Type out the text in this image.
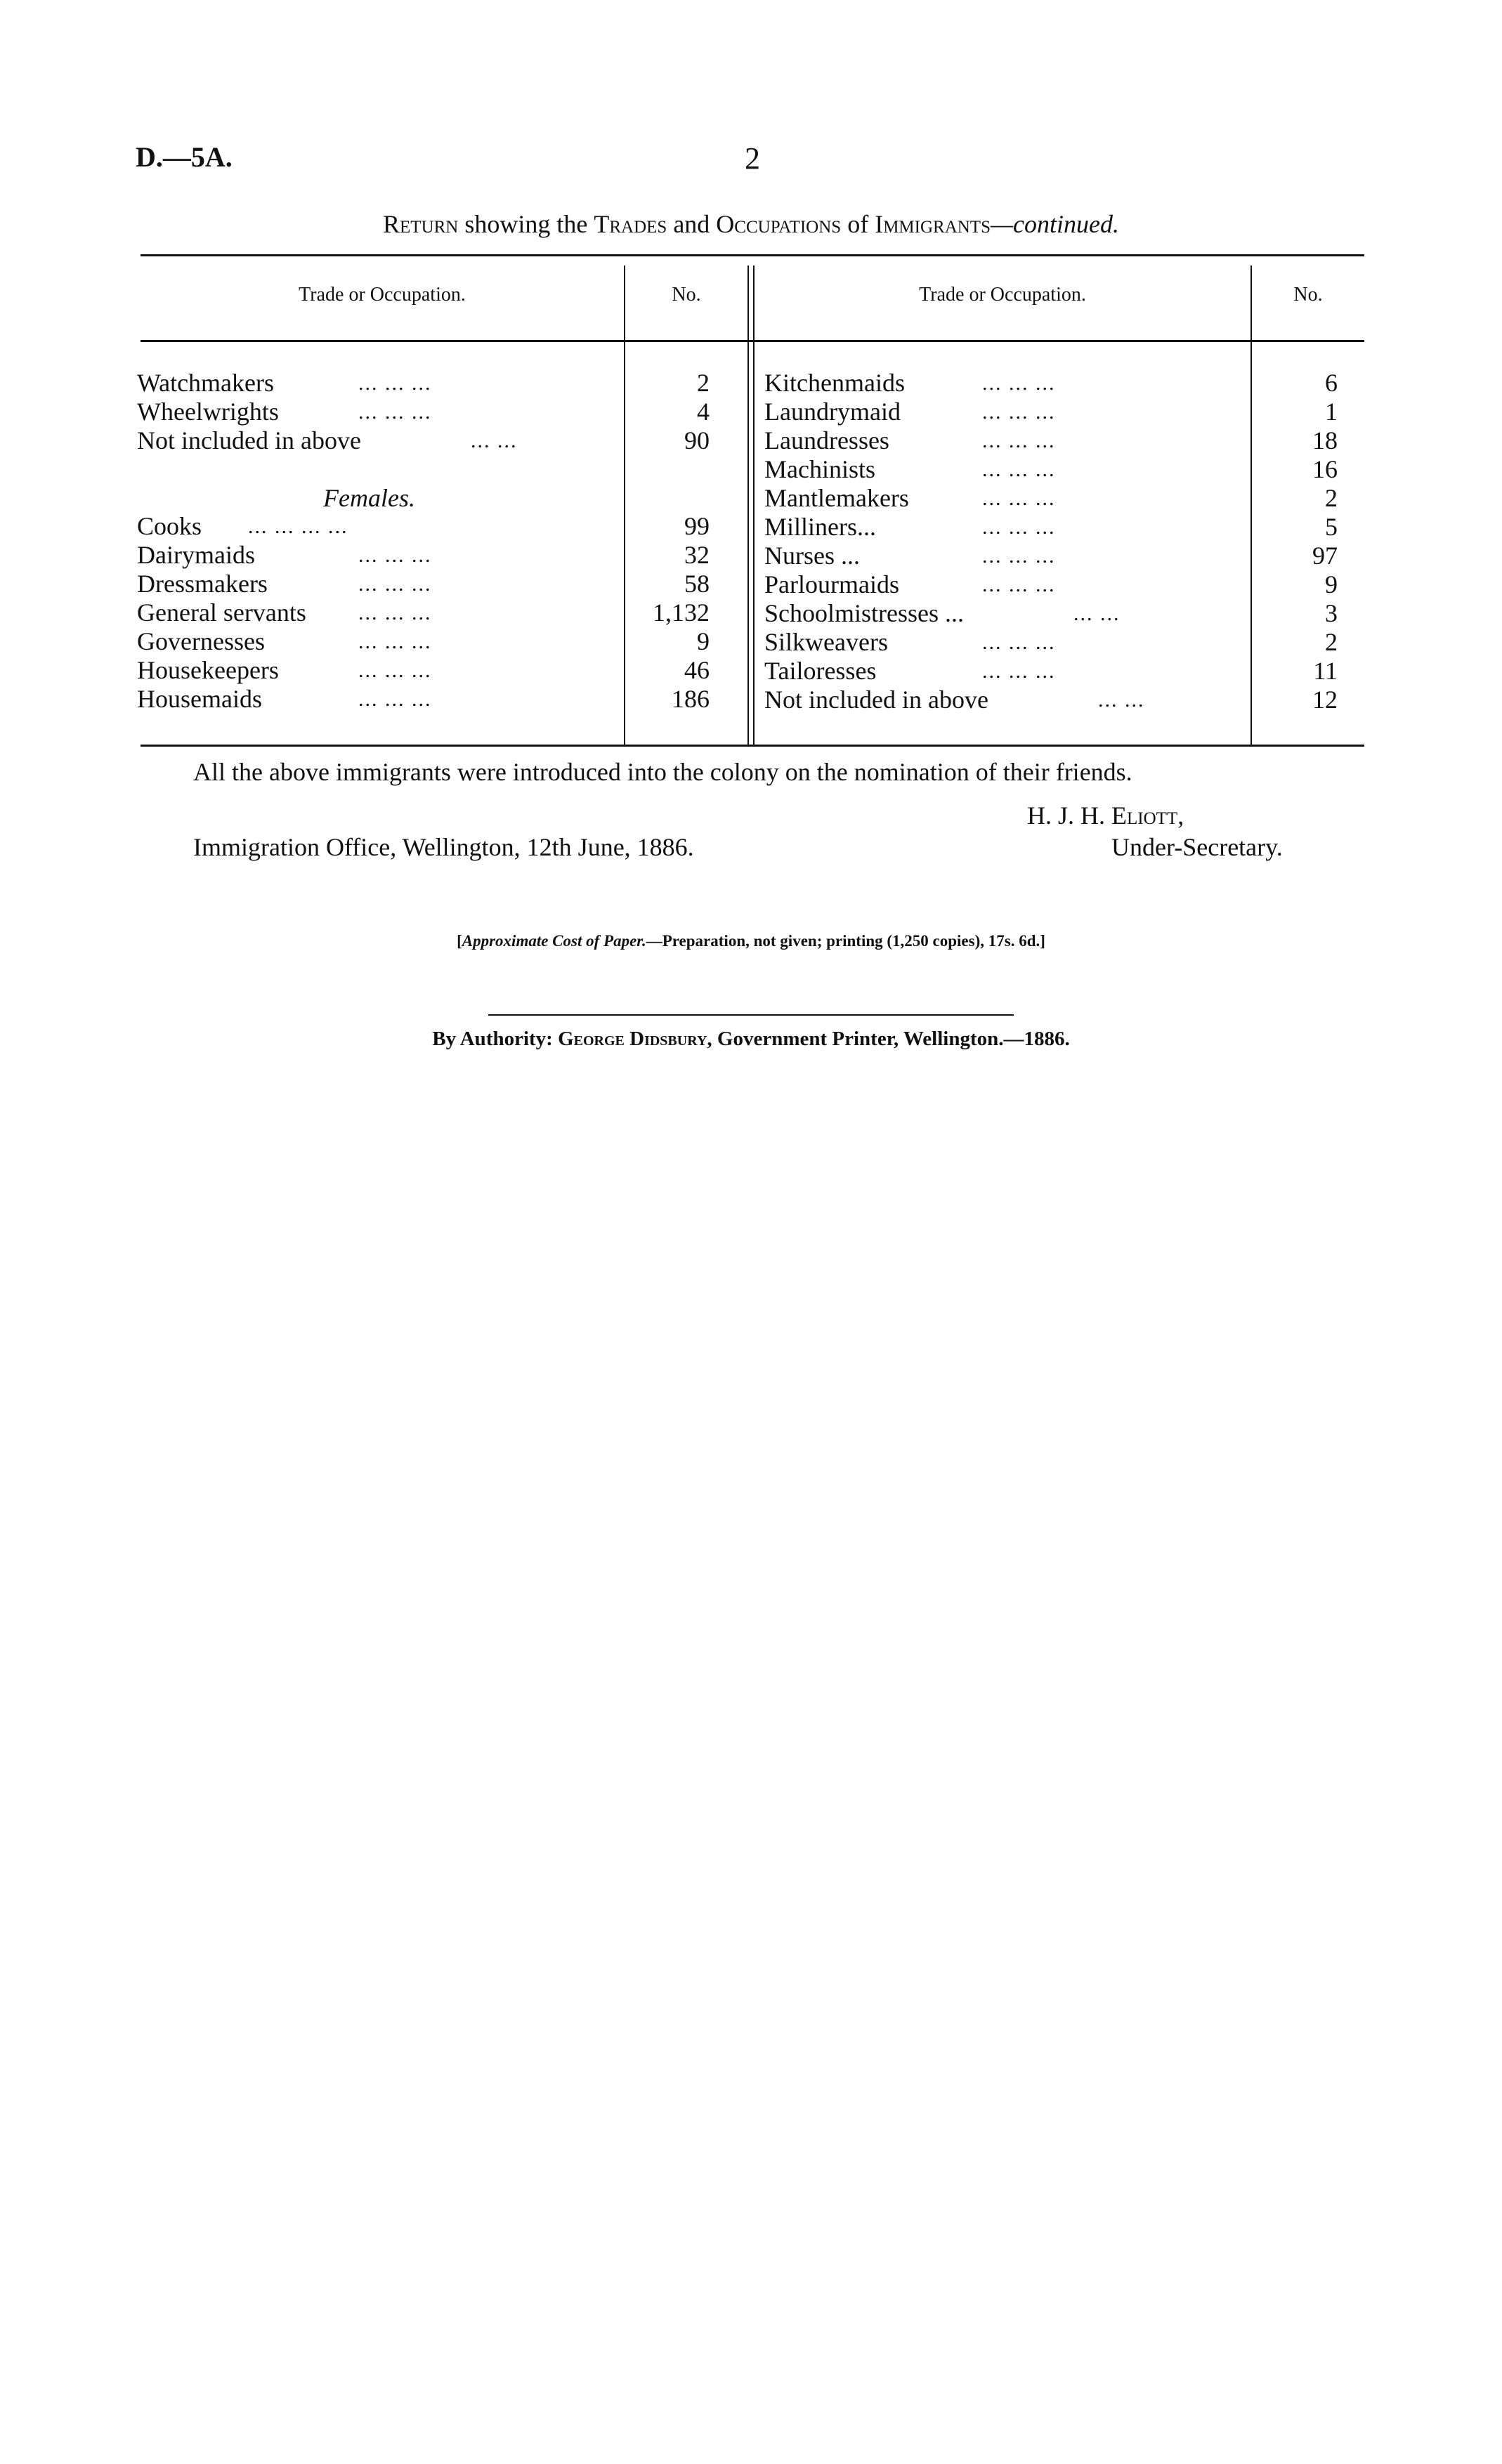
D.—5A.	2
Return showing the Trades and Occupations of Immigrants—continued.
Trade or Occupation.	No.	Trade or Occupation.	No.
Watchmakers	... ... ...	2
Wheelwrights	... ... ...	4
Not included in above	... ...	90
Females.
Cooks ... ... ... ...	99
Dairymaids	... ... ...	32
Dressmakers	... ... ...	58
General servants ... ... ...	1,132
Governesses	... ... ...	9
Housekeepers	... ... ...	46
Housemaids	... ... ...	186
Kitchenmaids	... ... ...	6
Laundrymaid	... ... ...	1
Laundresses	... ... ...	18
Machinists	... ... ...	16
Mantlemakers	... ... ...	2
Milliners...	... ... ...	5
Nurses ...	... ... ...	97
Parlourmaids	... ... ...	9
Schoolmistresses ...	... ...	3
Silkweavers	... ... ...	2
Tailoresses	... ... ...	11
Not included in above	... ...	12
All the above immigrants were introduced into the colony on the nomination of their friends.
H. J. H. Eliott,
Immigration Office, Wellington, 12th June, 1886.	Under-Secretary.
[Approximate Cost of Paper.—Preparation, not given; printing (1,250 copies), 17s. 6d.]
By Authority: George Didsbury, Government Printer, Wellington.—1886.
